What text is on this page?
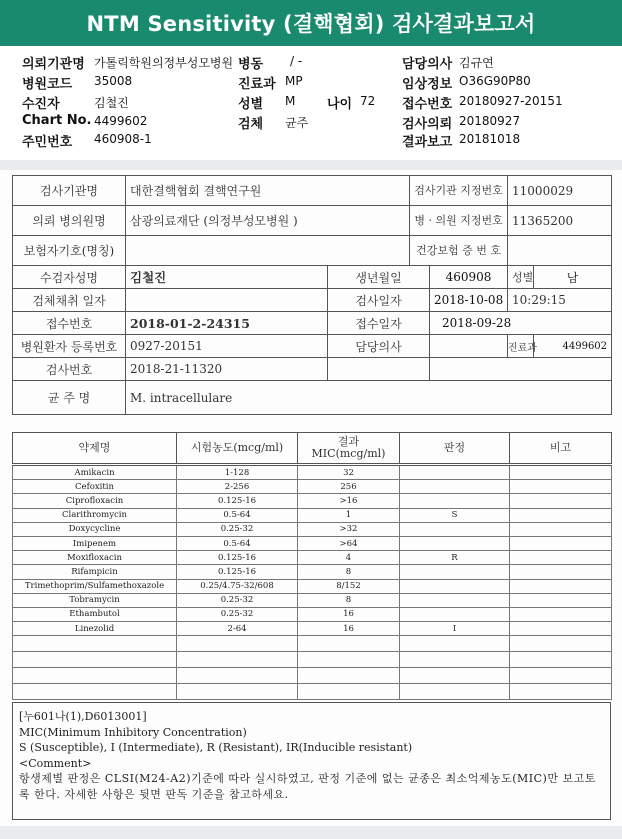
NTM Sensitivity (결핵협회) 검사결과보고서
의뢰기관명 가톨릭학원의정부성모병원 병동 / -	담당의사 김규연
병원코드 35008	진료과 MP	임상정보 O36G90P80
수진자	김철진	성별 M 나이 72 접수번호 20180927-20151
Chart No. 4499602	검체 균주	검사의뢰 20180927
주민번호 460908-1	결과보고 20181018
검사기관명	대한결핵협회 결핵연구원		검사기관 지정번호		11000029	
의뢰 병의원명	삼광의료재단 (의정부성모병원 )		병 · 의원 지정번호		11365200	
보험자기호(명칭)			건강보험 증 번 호			
수검자성명	김철진	생년월일		460908	성별	남
검체채취 일자		검사일자		2018-10-08	10:29:15	
접수번호	2018-01-2-24315	접수일자		2018-09-28		
병원환자 등록번호	0927-20151	담당의사			진료과	4499602
검사번호	2018-21-11320					
균 주 명	M. intracellulare					
약제명	시험농도(mcg/ml)	결과 MIC(mcg/ml)	판정	비고
Amikacin	1-128	32		
Cefoxitin	2-256	256		
Ciprofloxacin	0.125-16	>16		
Clarithromycin	0.5-64	1	S	
Doxycycline	0.25-32	>32		
Imipenem	0.5-64	>64		
Moxifloxacin	0.125-16	4	R	
Rifampicin	0.125-16	8		
Trimethoprim/Sulfamethoxazole	0.25/4.75-32/608	8/152		
Tobramycin	0.25-32	8		
Ethambutol	0.25-32	16		
Linezolid	2-64	16	I	

[누601나(1),D6013001]
MIC(Minimum Inhibitory Concentration)
S (Susceptible), I (Intermediate), R (Resistant), IR(Inducible resistant)
<Comment>
항생제별 판정은 CLSI(M24-A2)기준에 따라 실시하였고, 판정 기준에 없는 균종은 최소억제농도(MIC)만 보고토록 한다. 자세한 사항은 뒷면 판독 기준을 참고하세요.
